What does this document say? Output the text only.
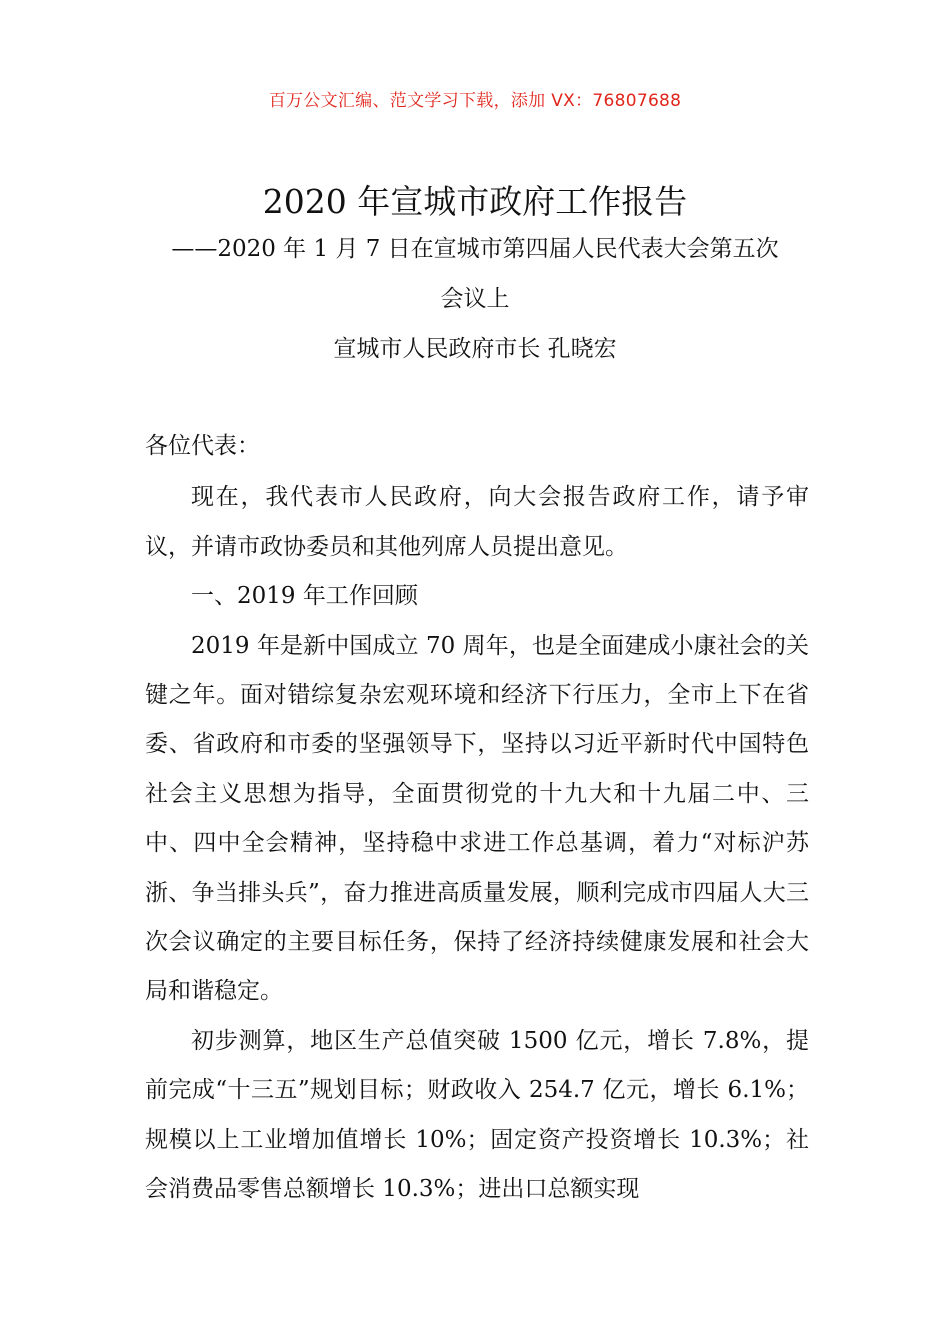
百万公文汇编、范文学习下载，添加 VX：76807688
2020 年宣城市政府工作报告
——2020 年 1 月 7 日在宣城市第四届人民代表大会第五次
会议上
宣城市人民政府市长 孔晓宏

各位代表：

现在，我代表市人民政府，向大会报告政府工作，请予审议，并请市政协委员和其他列席人员提出意见。

一、2019 年工作回顾

2019 年是新中国成立 70 周年，也是全面建成小康社会的关键之年。面对错综复杂宏观环境和经济下行压力，全市上下在省委、省政府和市委的坚强领导下，坚持以习近平新时代中国特色社会主义思想为指导，全面贯彻党的十九大和十九届二中、三中、四中全会精神，坚持稳中求进工作总基调，着力“对标沪苏浙、争当排头兵”，奋力推进高质量发展，顺利完成市四届人大三次会议确定的主要目标任务，保持了经济持续健康发展和社会大局和谐稳定。

初步测算，地区生产总值突破 1500 亿元，增长 7.8%，提前完成“十三五”规划目标；财政收入 254.7 亿元，增长 6.1%；规模以上工业增加值增长 10%；固定资产投资增长 10.3%；社会消费品零售总额增长 10.3%；进出口总额实现
